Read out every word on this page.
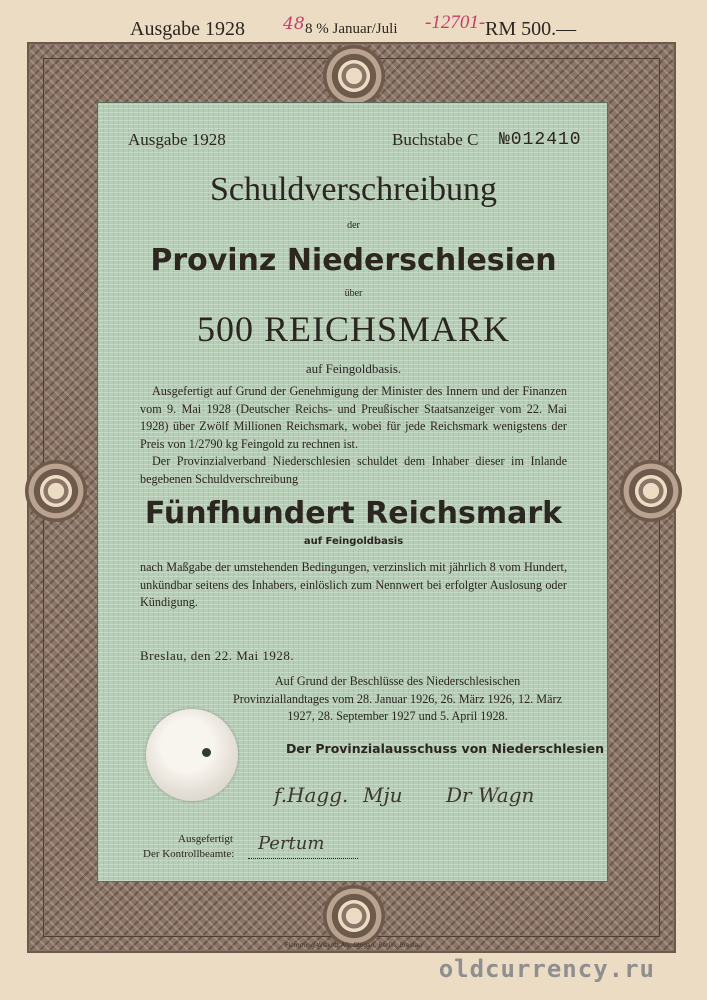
Ausgabe 1928 48 8 % Januar/Juli -12701- RM 500.—
Ausgabe 1928	Buchstabe C №012410
Schuldverschreibung
der
Provinz Niederschlesien
über
500 REICHSMARK
auf Feingoldbasis.
Ausgefertigt auf Grund der Genehmigung der Minister des Innern und der Finanzen vom 9. Mai 1928 (Deutscher Reichs- und Preußischer Staatsanzeiger vom 22. Mai 1928) über Zwölf Millionen Reichsmark, wobei für jede Reichsmark wenigstens der Preis von 1/2790 kg Feingold zu rechnen ist.
Der Provinzialverband Niederschlesien schuldet dem Inhaber dieser im Inlande begebenen Schuldverschreibung
Fünfhundert Reichsmark
auf Feingoldbasis
nach Maßgabe der umstehenden Bedingungen, verzinslich mit jährlich 8 vom Hundert, unkündbar seitens des Inhabers, einlöslich zum Nennwert bei erfolgter Auslosung oder Kündigung.
Breslau, den 22. Mai 1928.
Auf Grund der Beschlüsse des Niederschlesischen Provinziallandtages vom 28. Januar 1926, 26. März 1926, 12. März 1927, 28. September 1927 und 5. April 1928.
Der Provinzialausschuss von Niederschlesien
f.Hagg. Mju Dr Wagn
Ausgefertigt
Der Kontrollbeamte: Pertum
Flemming-Wiskott AG, Glogau, Berlin, Breslau
oldcurrency.ru
